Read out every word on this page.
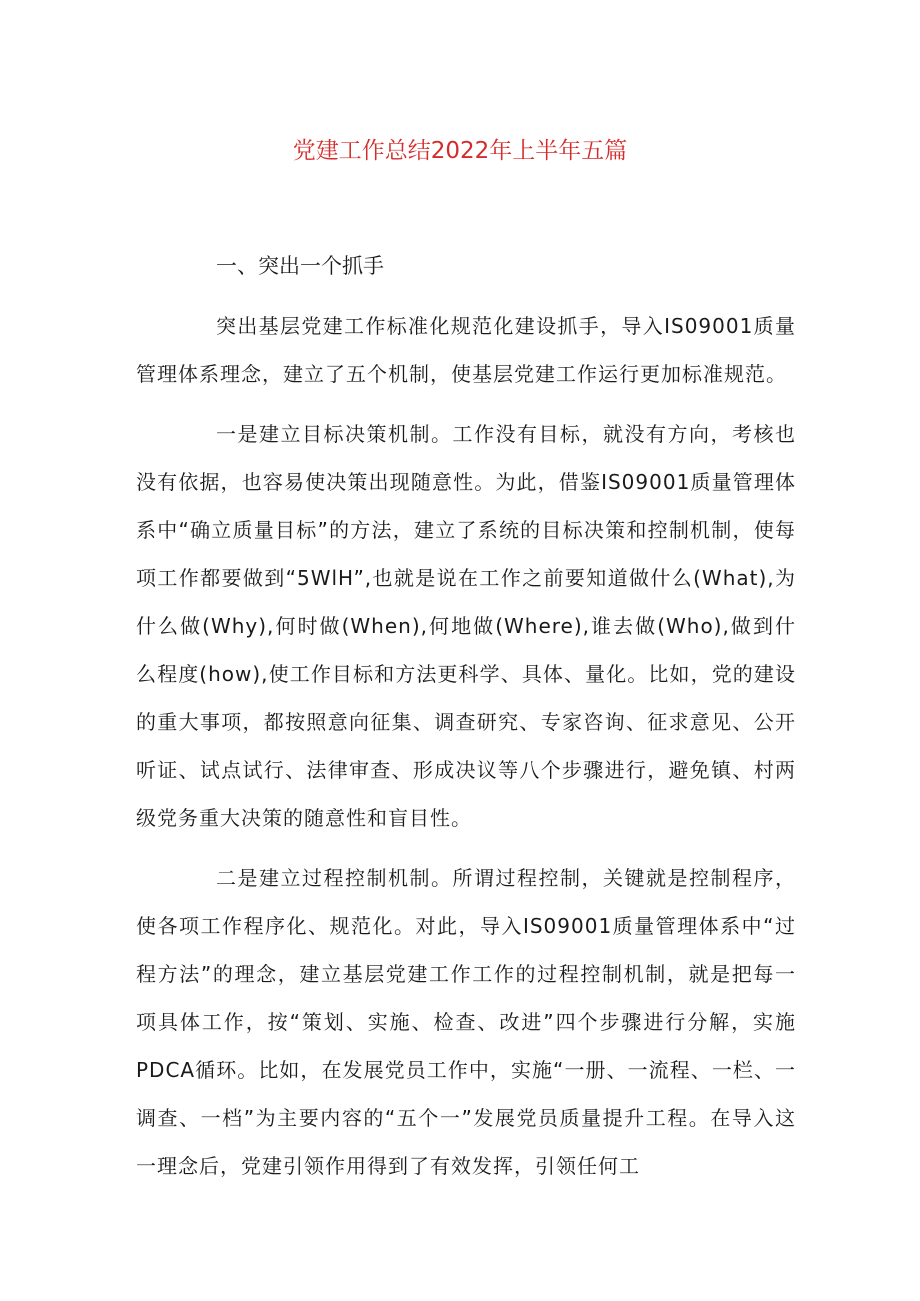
党建工作总结2022年上半年五篇
一、突出一个抓手

突出基层党建工作标准化规范化建设抓手，导入IS09001质量管理体系理念，建立了五个机制，使基层党建工作运行更加标准规范。

一是建立目标决策机制。工作没有目标，就没有方向，考核也没有依据，也容易使决策出现随意性。为此，借鉴IS09001质量管理体系中“确立质量目标”的方法，建立了系统的目标决策和控制机制，使每项工作都要做到“5WlH”,也就是说在工作之前要知道做什么(What),为什么做(Why),何时做(When),何地做(Where),谁去做(Who),做到什么程度(how),使工作目标和方法更科学、具体、量化。比如，党的建设的重大事项，都按照意向征集、调查研究、专家咨询、征求意见、公开听证、试点试行、法律审查、形成决议等八个步骤进行，避免镇、村两级党务重大决策的随意性和盲目性。

二是建立过程控制机制。所谓过程控制，关键就是控制程序，使各项工作程序化、规范化。对此，导入IS09001质量管理体系中“过程方法”的理念，建立基层党建工作工作的过程控制机制，就是把每一项具体工作，按“策划、实施、检查、改进”四个步骤进行分解，实施PDCA循环。比如，在发展党员工作中，实施“一册、一流程、一栏、一调查、一档”为主要内容的“五个一”发展党员质量提升工程。在导入这一理念后，党建引领作用得到了有效发挥，引领任何工
